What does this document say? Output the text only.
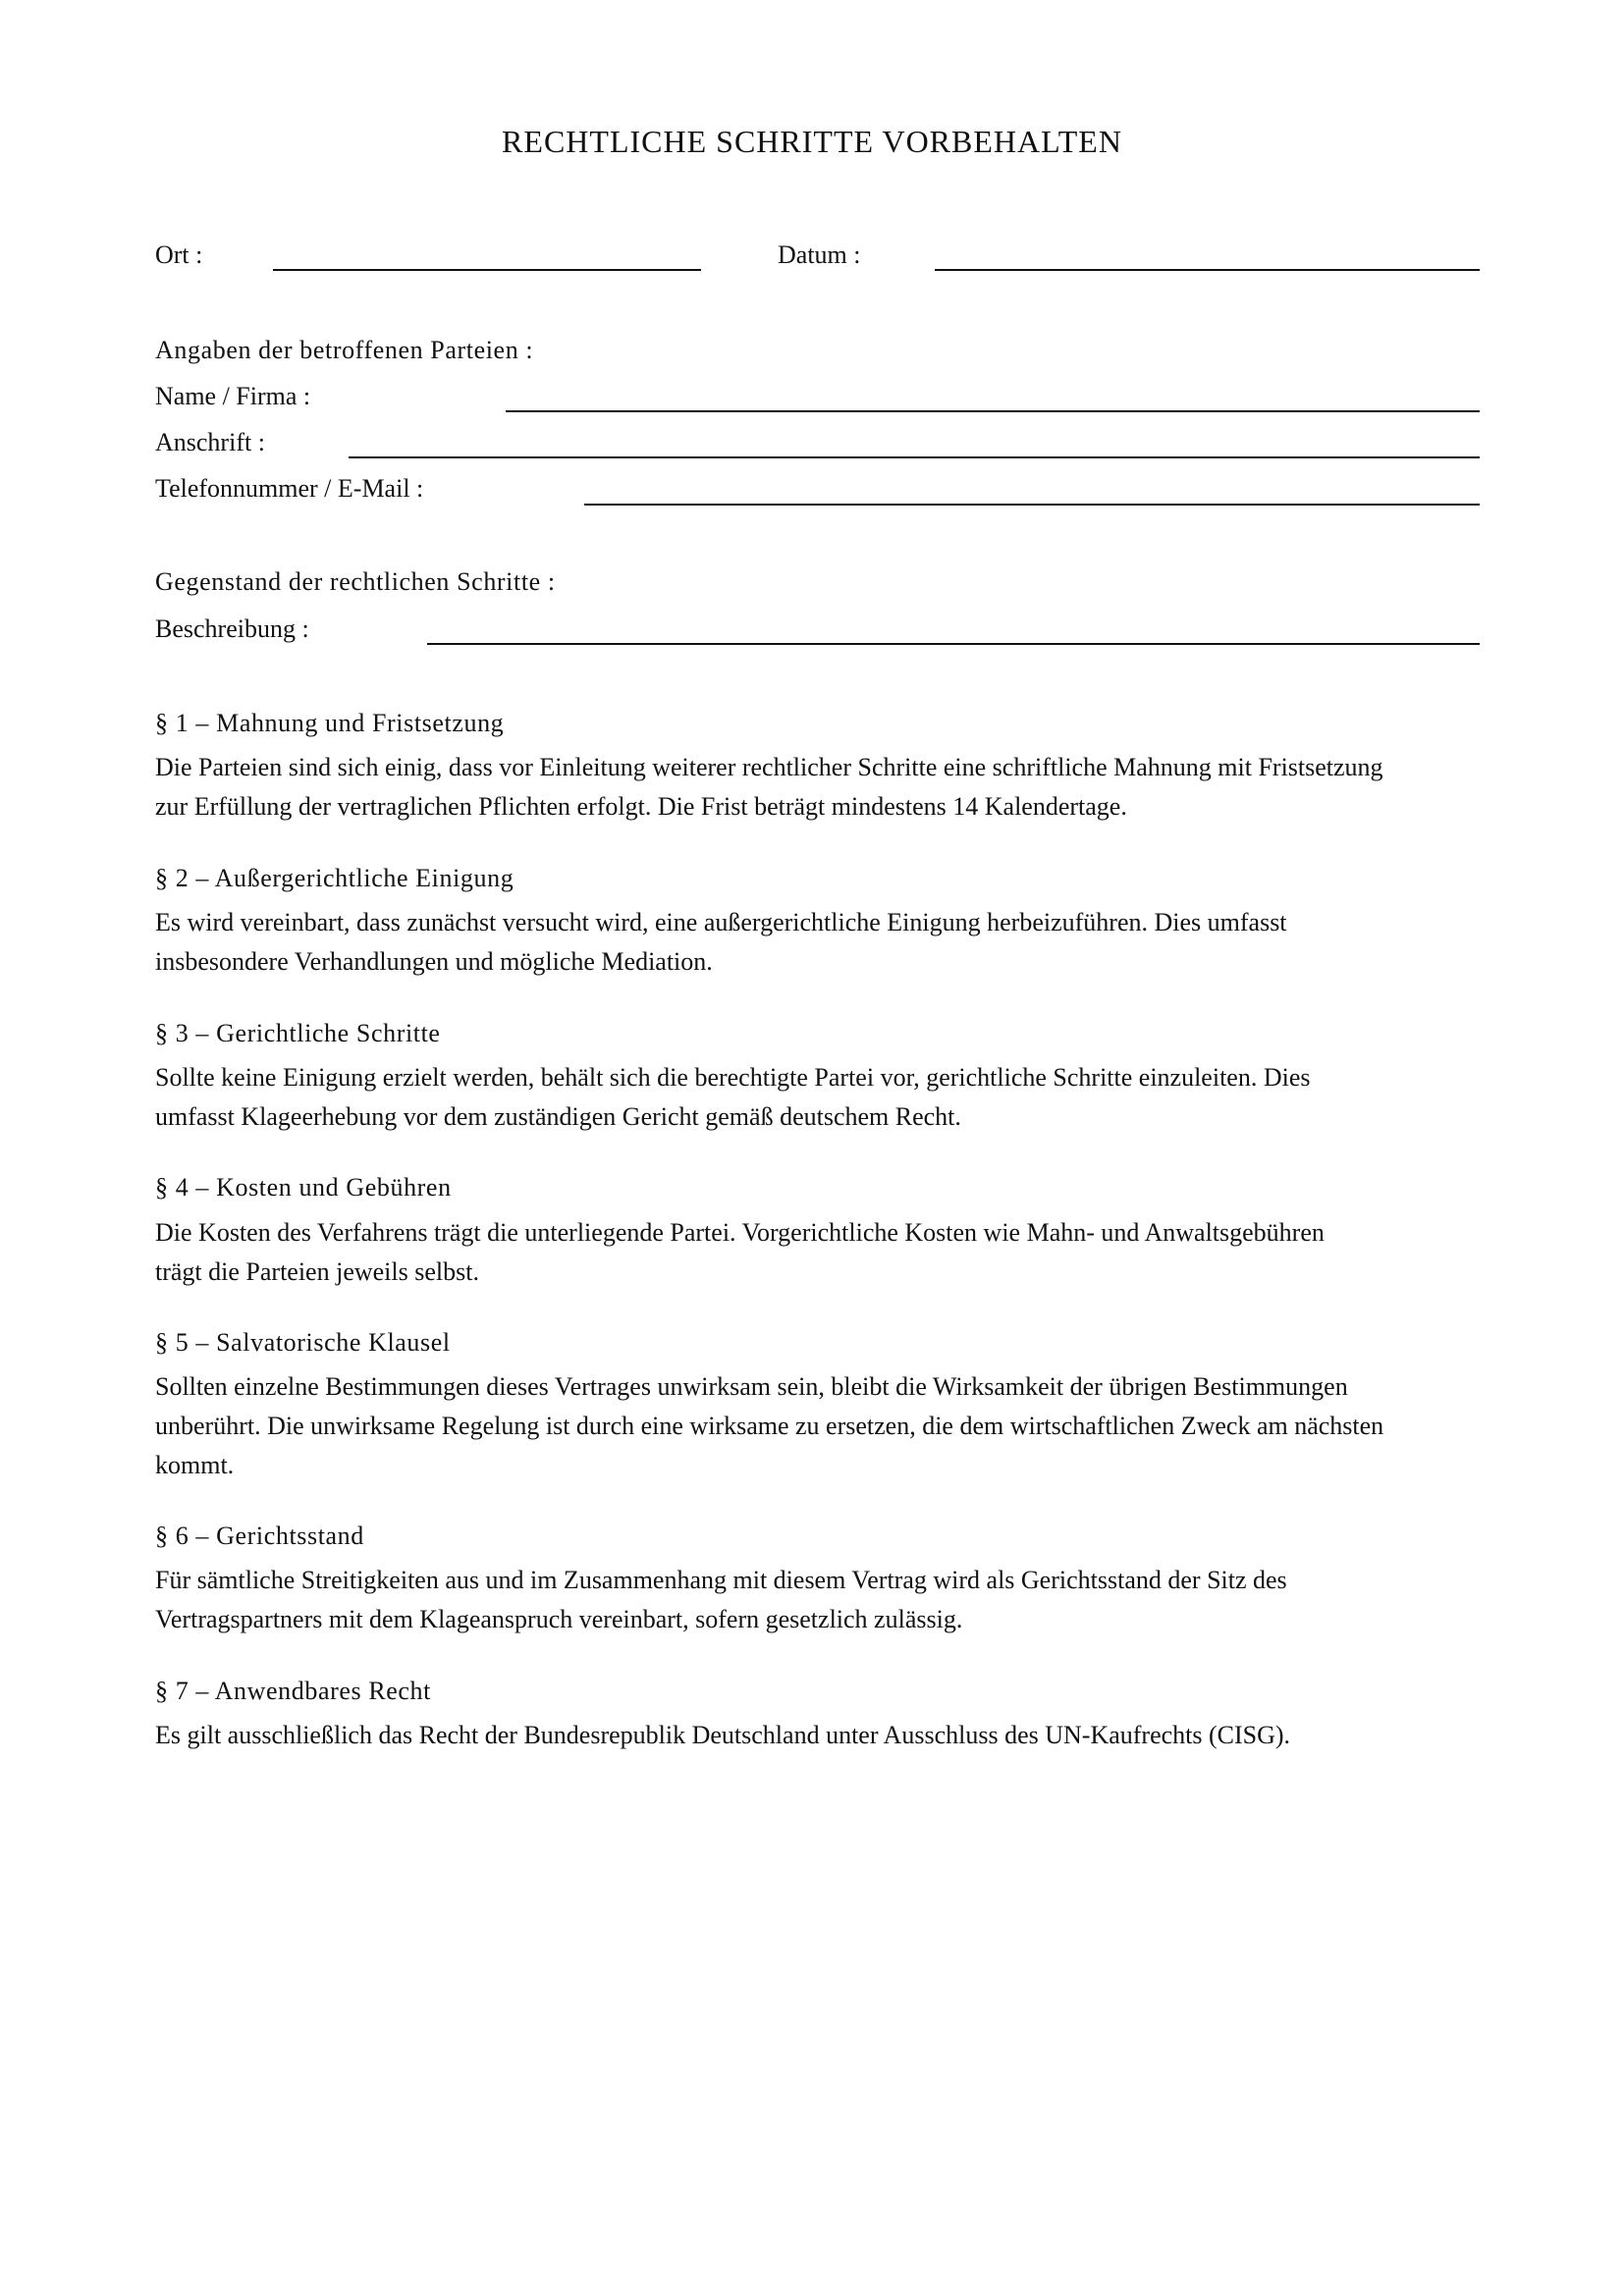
RECHTLICHE SCHRITTE VORBEHALTEN
Ort :	Datum :
Angaben der betroffenen Parteien :
Name / Firma :
Anschrift :
Telefonnummer / E-Mail :
Gegenstand der rechtlichen Schritte :
Beschreibung :
§ 1 – Mahnung und Fristsetzung
Die Parteien sind sich einig, dass vor Einleitung weiterer rechtlicher Schritte eine schriftliche Mahnung mit Fristsetzung
zur Erfüllung der vertraglichen Pflichten erfolgt. Die Frist beträgt mindestens 14 Kalendertage.
§ 2 – Außergerichtliche Einigung
Es wird vereinbart, dass zunächst versucht wird, eine außergerichtliche Einigung herbeizuführen. Dies umfasst
insbesondere Verhandlungen und mögliche Mediation.
§ 3 – Gerichtliche Schritte
Sollte keine Einigung erzielt werden, behält sich die berechtigte Partei vor, gerichtliche Schritte einzuleiten. Dies
umfasst Klageerhebung vor dem zuständigen Gericht gemäß deutschem Recht.
§ 4 – Kosten und Gebühren
Die Kosten des Verfahrens trägt die unterliegende Partei. Vorgerichtliche Kosten wie Mahn- und Anwaltsgebühren
trägt die Parteien jeweils selbst.
§ 5 – Salvatorische Klausel
Sollten einzelne Bestimmungen dieses Vertrages unwirksam sein, bleibt die Wirksamkeit der übrigen Bestimmungen
unberührt. Die unwirksame Regelung ist durch eine wirksame zu ersetzen, die dem wirtschaftlichen Zweck am nächsten
kommt.
§ 6 – Gerichtsstand
Für sämtliche Streitigkeiten aus und im Zusammenhang mit diesem Vertrag wird als Gerichtsstand der Sitz des
Vertragspartners mit dem Klageanspruch vereinbart, sofern gesetzlich zulässig.
§ 7 – Anwendbares Recht
Es gilt ausschließlich das Recht der Bundesrepublik Deutschland unter Ausschluss des UN-Kaufrechts (CISG).
